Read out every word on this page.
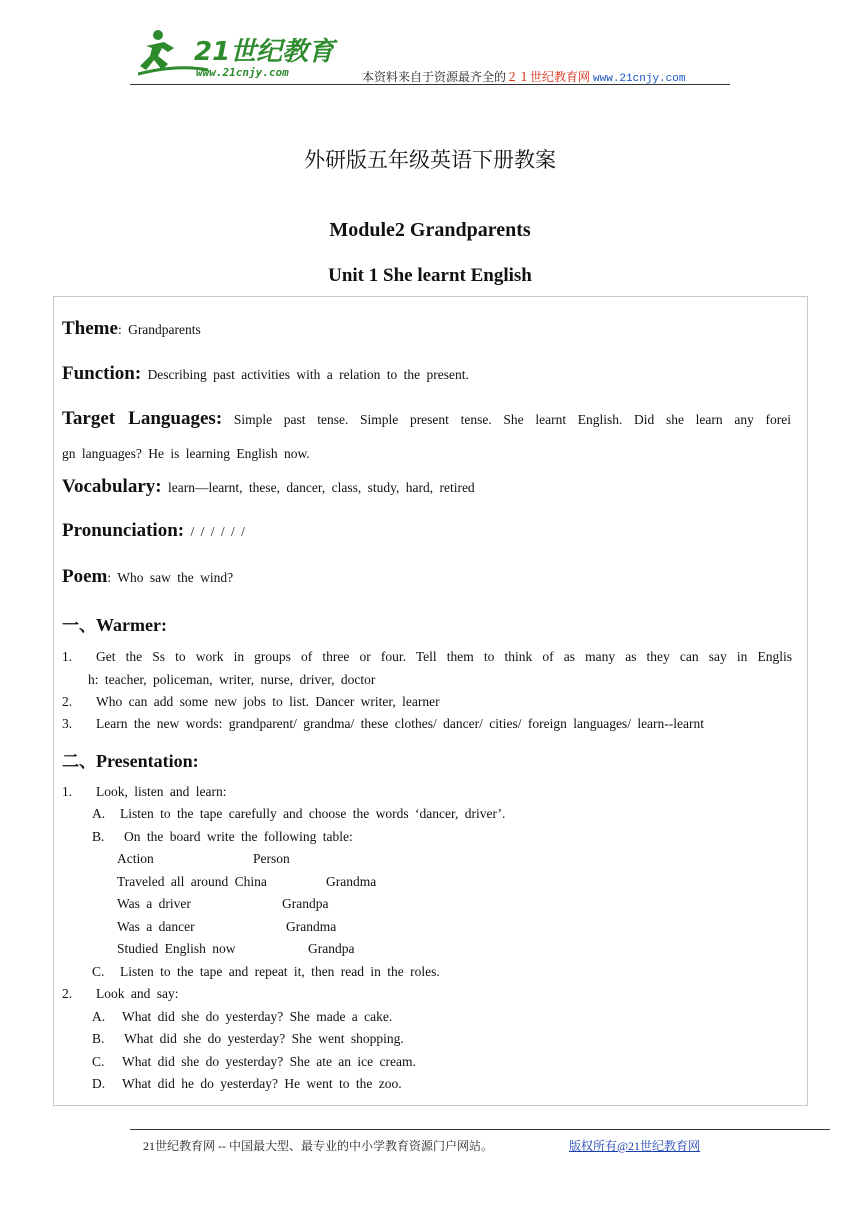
21世纪教育
www.21cnjy.com	本资料来自于资源最齐全的２１世纪教育网 www.21cnjy.com
外研版五年级英语下册教案
Module2 Grandparents
Unit 1 She learnt English
Theme: Grandparents
Function: Describing past activities with a relation to the present.
Target Languages: Simple past tense. Simple present tense. She learnt English. Did she learn any forei
gn languages? He is learning English now.
Vocabulary: learn—learnt, these, dancer, class, study, hard, retired
Pronunciation: / / / / / /
Poem: Who saw the wind?
一、Warmer:
1. Get the Ss to work in groups of three or four. Tell them to think of as many as they can say in Englis
h: teacher, policeman, writer, nurse, driver, doctor
2. Who can add some new jobs to list. Dancer writer, learner
3. Learn the new words: grandparent/ grandma/ these clothes/ dancer/ cities/ foreign languages/ learn--learnt
二、Presentation:
1. Look, listen and learn:
A. Listen to the tape carefully and choose the words ‘dancer, driver’.
B. On the board write the following table:
Action	Person
Traveled all around China	Grandma
Was a driver	Grandpa
Was a dancer	Grandma
Studied English now	Grandpa
C. Listen to the tape and repeat it, then read in the roles.
2. Look and say:
A. What did she do yesterday? She made a cake.
B. What did she do yesterday? She went shopping.
C. What did she do yesterday? She ate an ice cream.
D. What did he do yesterday? He went to the zoo.
21世纪教育网 -- 中国最大型、最专业的中小学教育资源门户网站。	版权所有@21世纪教育网
